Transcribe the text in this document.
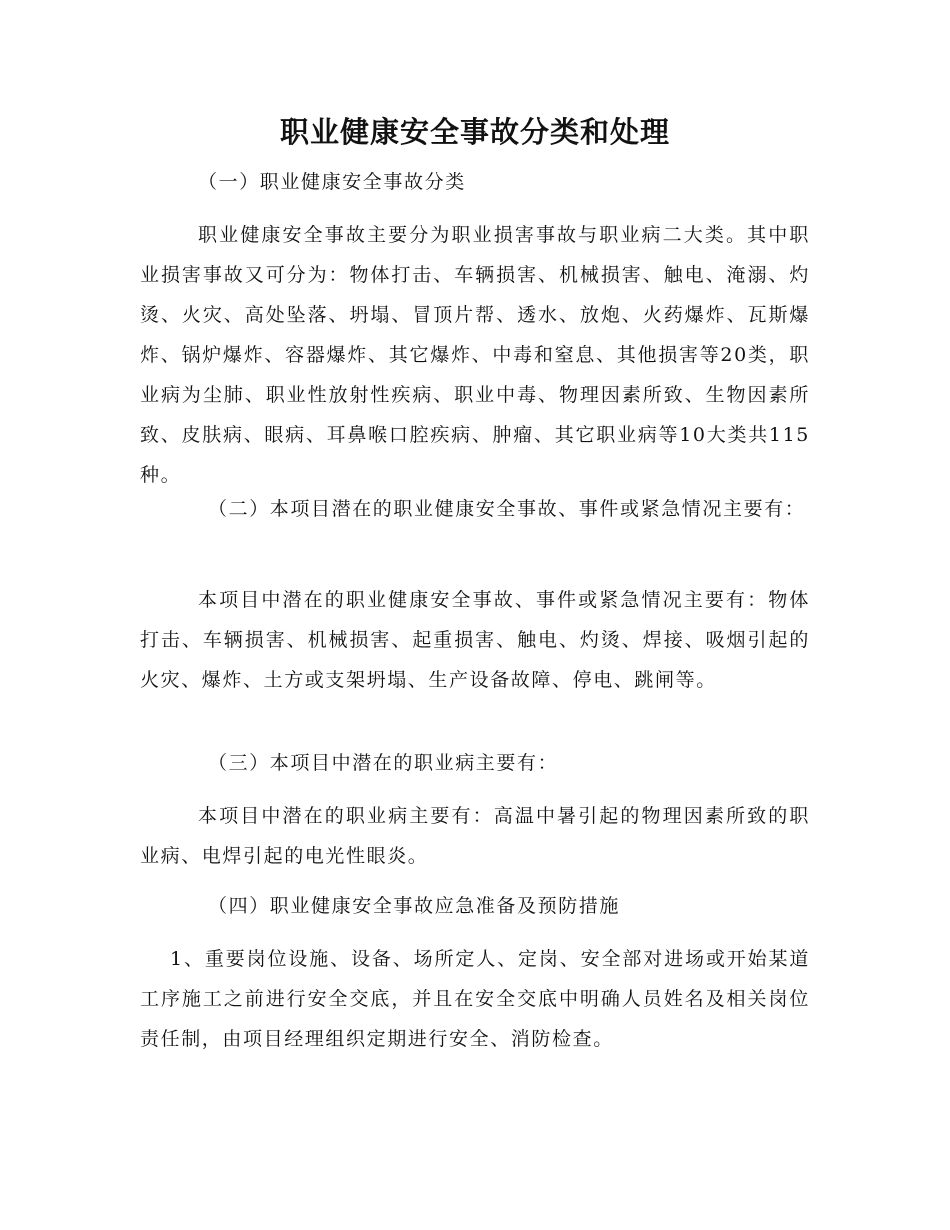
职业健康安全事故分类和处理

（一）职业健康安全事故分类

职业健康安全事故主要分为职业损害事故与职业病二大类。其中职业损害事故又可分为：物体打击、车辆损害、机械损害、触电、淹溺、灼烫、火灾、高处坠落、坍塌、冒顶片帮、透水、放炮、火药爆炸、瓦斯爆炸、锅炉爆炸、容器爆炸、其它爆炸、中毒和窒息、其他损害等20类，职业病为尘肺、职业性放射性疾病、职业中毒、物理因素所致、生物因素所致、皮肤病、眼病、耳鼻喉口腔疾病、肿瘤、其它职业病等10大类共115种。

（二）本项目潜在的职业健康安全事故、事件或紧急情况主要有：

本项目中潜在的职业健康安全事故、事件或紧急情况主要有：物体打击、车辆损害、机械损害、起重损害、触电、灼烫、焊接、吸烟引起的火灾、爆炸、土方或支架坍塌、生产设备故障、停电、跳闸等。

（三）本项目中潜在的职业病主要有：

本项目中潜在的职业病主要有：高温中暑引起的物理因素所致的职业病、电焊引起的电光性眼炎。

（四）职业健康安全事故应急准备及预防措施

1、重要岗位设施、设备、场所定人、定岗、安全部对进场或开始某道工序施工之前进行安全交底，并且在安全交底中明确人员姓名及相关岗位责任制，由项目经理组织定期进行安全、消防检查。
